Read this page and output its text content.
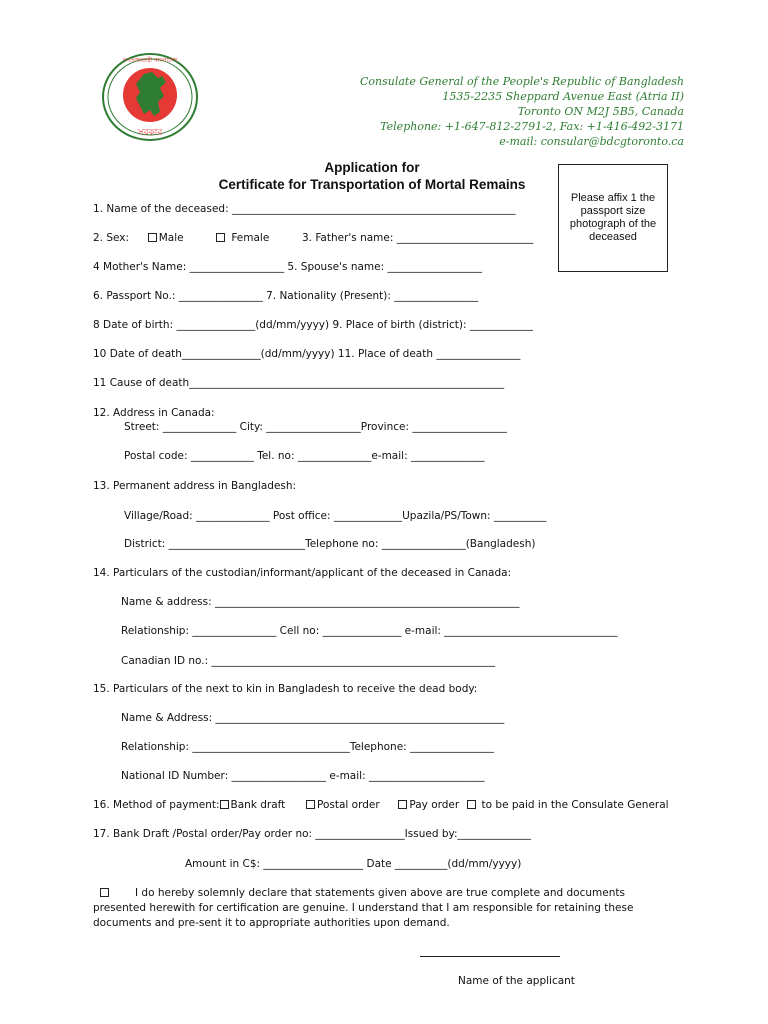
সরকার
গণপ্রজাতন্ত্রী বাংলাদেশ
Consulate General of the People's Republic of Bangladesh
1535-2235 Sheppard Avenue East (Atria II)
Toronto ON M2J 5B5, Canada
Telephone: +1-647-812-2791-2, Fax: +1-416-492-3171
e-mail: consular@bdcgtoronto.ca
Application for
Certificate for Transportation of Mortal Remains
Please affix 1 the passport size photograph of the deceased
1. Name of the deceased: ______________________________________________________
2. Sex:	Male	Female	3. Father's name: __________________________
4 Mother's Name: __________________ 5. Spouse's name: __________________
6. Passport No.: ________________ 7. Nationality (Present): ________________
8 Date of birth: _______________(dd/mm/yyyy) 9. Place of birth (district): ____________
10 Date of death_______________(dd/mm/yyyy) 11. Place of death ________________
11 Cause of death____________________________________________________________
12. Address in Canada:
Street: ______________ City: __________________Province: __________________
Postal code: ____________ Tel. no: ______________e-mail: ______________
13. Permanent address in Bangladesh:
Village/Road: ______________ Post office: _____________Upazila/PS/Town: __________
District: __________________________Telephone no: ________________(Bangladesh)
14. Particulars of the custodian/informant/applicant of the deceased in Canada:
Name & address: __________________________________________________________
Relationship: ________________ Cell no: _______________ e-mail: _________________________________
Canadian ID no.: ______________________________________________________
15. Particulars of the next to kin in Bangladesh to receive the dead body:
Name & Address: _______________________________________________________
Relationship: ______________________________Telephone: ________________
National ID Number: __________________ e-mail: ______________________
16. Method of payment: Bank draft	Postal order	Pay order to be paid in the Consulate General
17. Bank Draft /Postal order/Pay order no: _________________Issued by:______________
Amount in C$: ___________________ Date __________(dd/mm/yyyy)
I do hereby solemnly declare that statements given above are true complete and documents presented herewith for certification are genuine. I understand that I am responsible for retaining these documents and pre-sent it to appropriate authorities upon demand.
Name of the applicant
